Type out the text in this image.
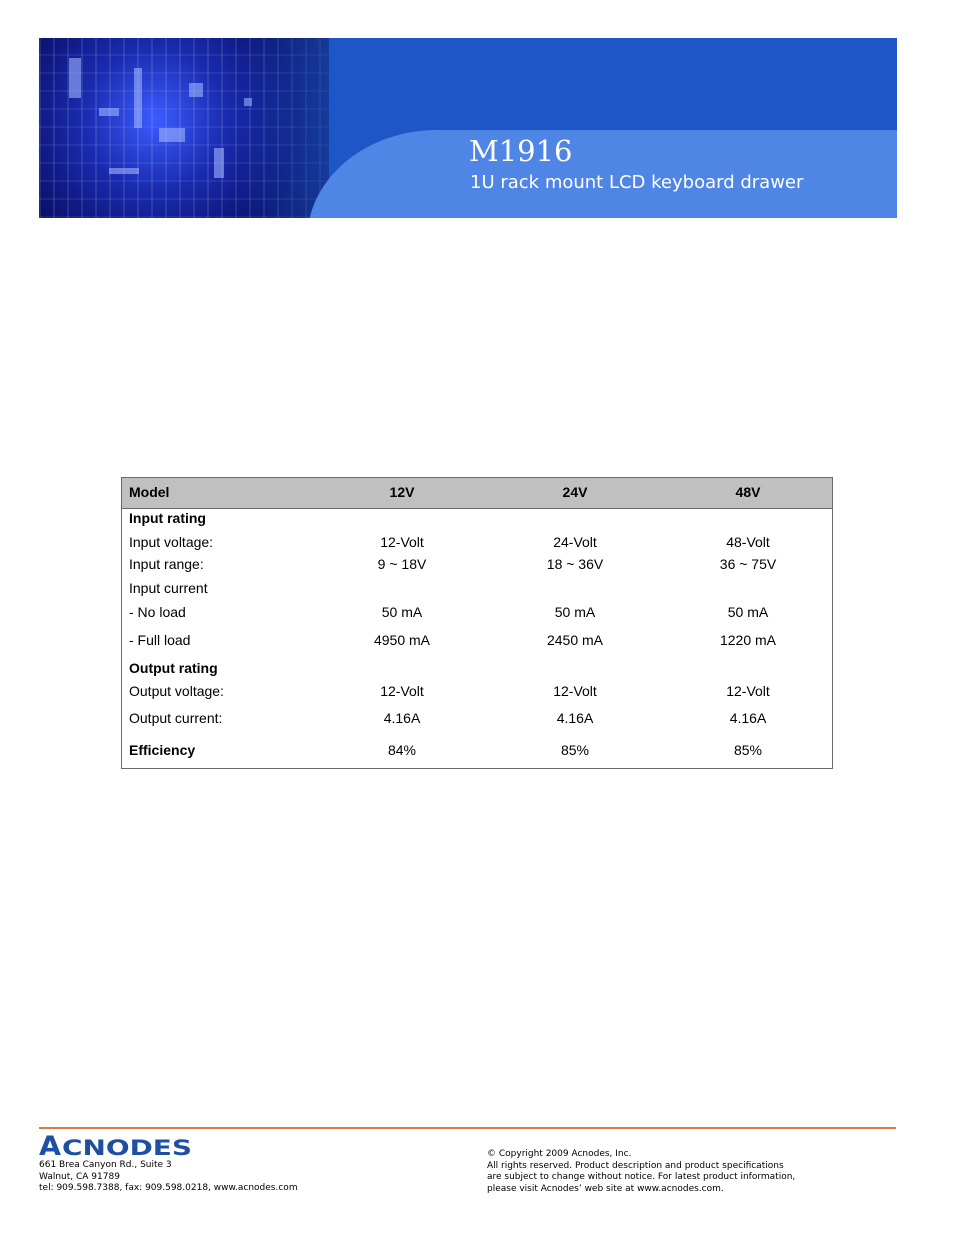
M1916
1U rack mount LCD keyboard drawer
Model	12V	24V	48V
Input rating
Input voltage:	12-Volt	24-Volt	48-Volt
Input range:	9 ~ 18V	18 ~ 36V	36 ~ 75V
Input current
- No load	50 mA	50 mA	50 mA
- Full load	4950 mA	2450 mA	1220 mA
Output rating
Output voltage:	12-Volt	12-Volt	12-Volt
Output current:	4.16A	4.16A	4.16A
Efficiency	84%	85%	85%
A CNODES
661 Brea Canyon Rd., Suite 3
Walnut, CA 91789
tel: 909.598.7388, fax: 909.598.0218, www.acnodes.com
© Copyright 2009 Acnodes, Inc.
All rights reserved. Product description and product specifications
are subject to change without notice. For latest product information,
please visit Acnodes’ web site at www.acnodes.com.
